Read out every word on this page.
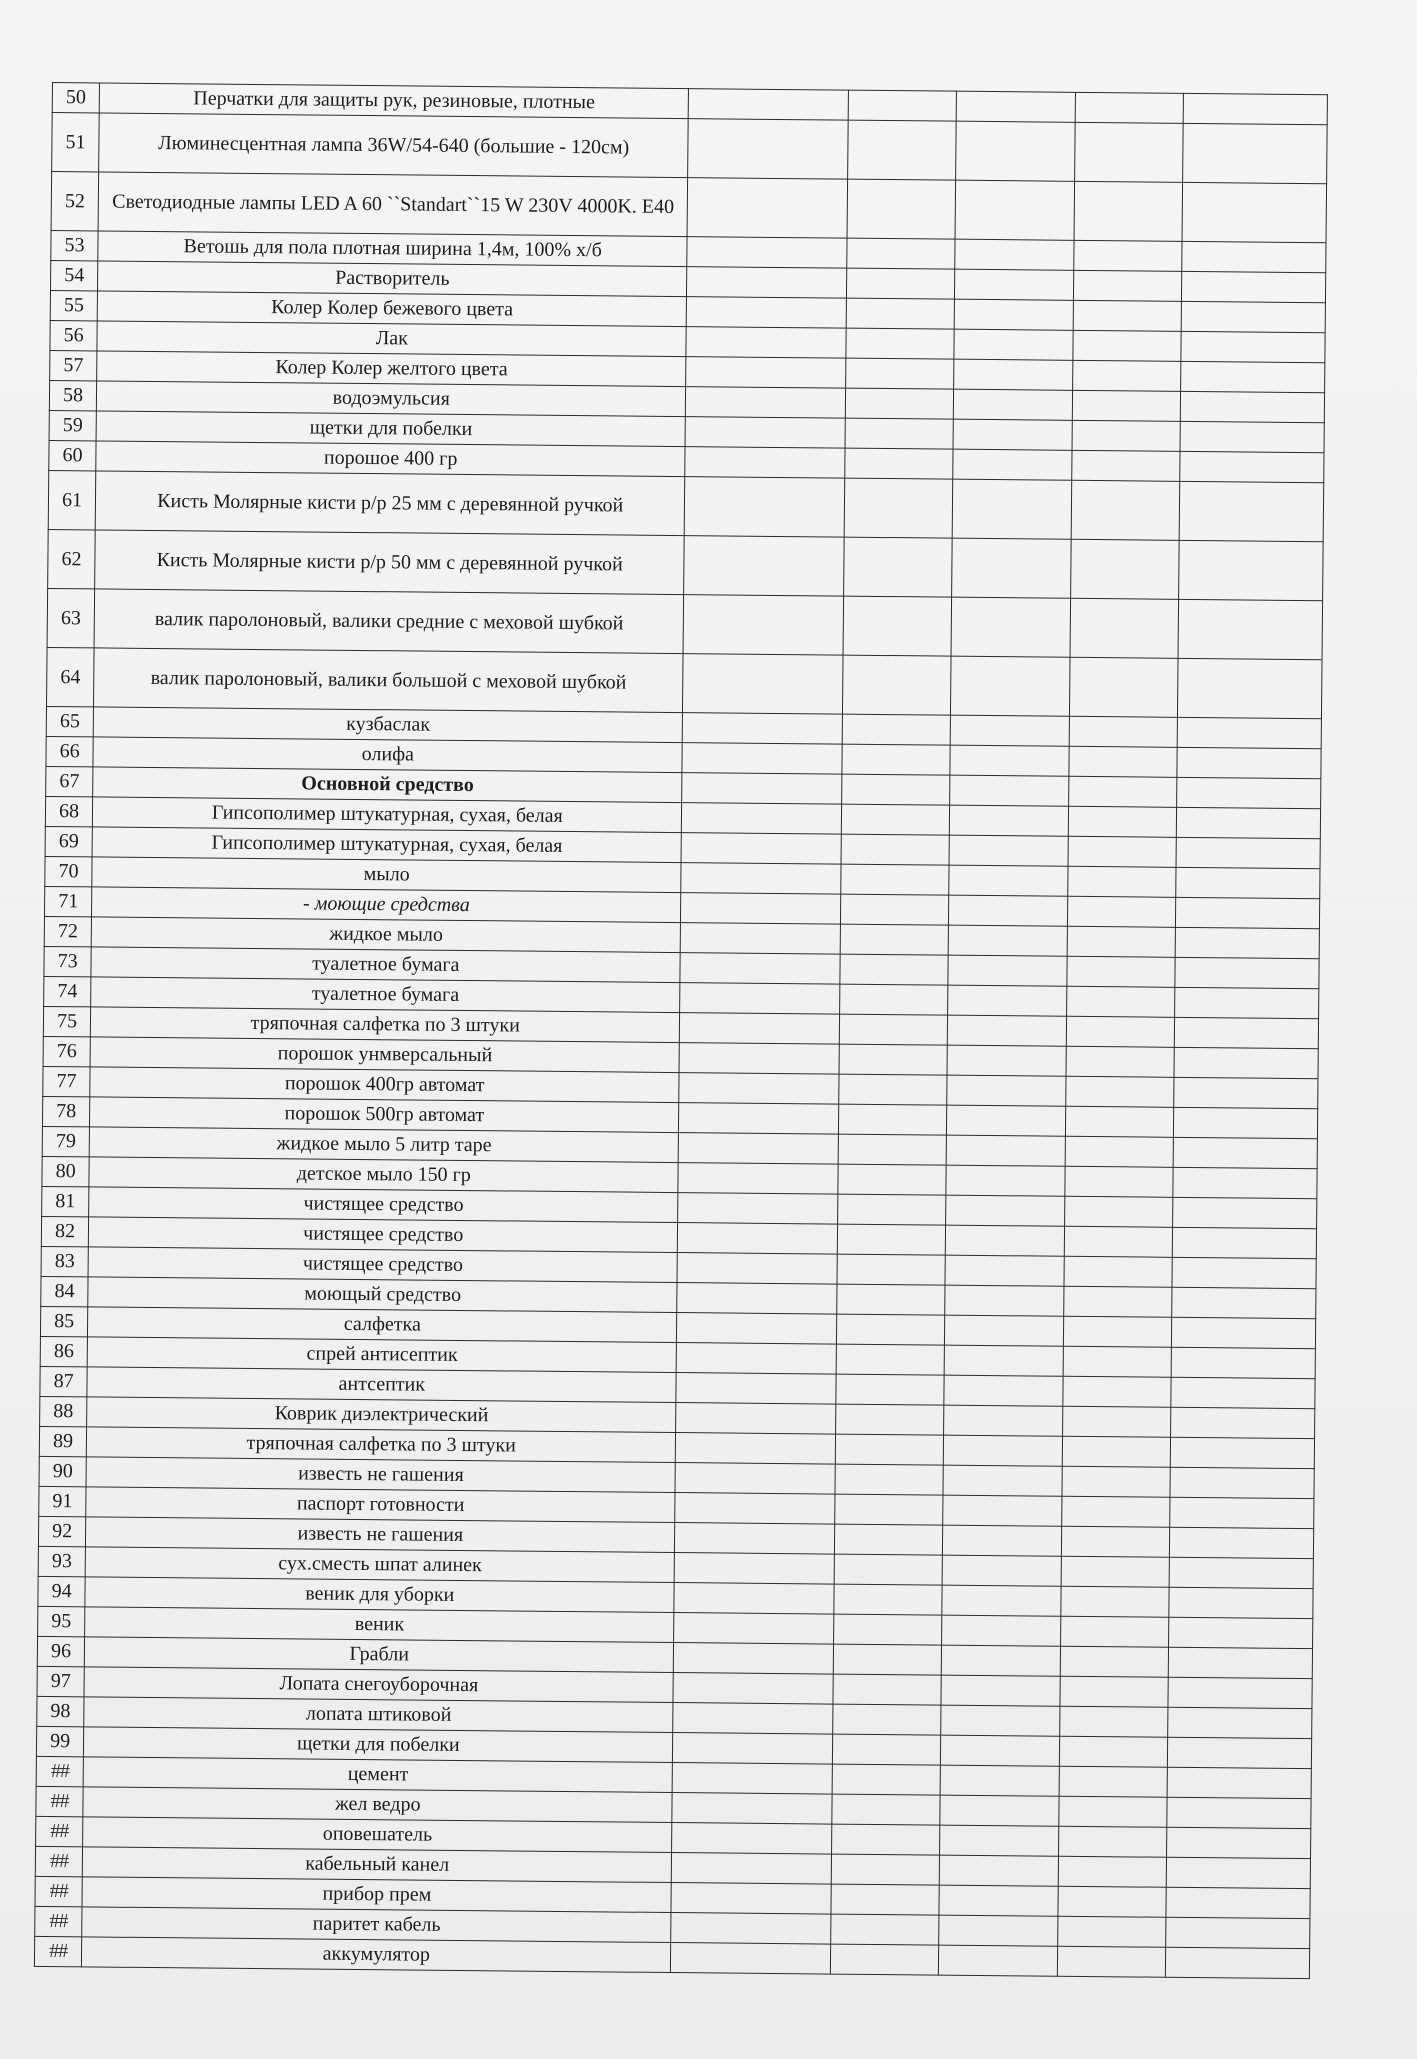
50	Перчатки для защиты рук, резиновые, плотные					
51	Люминесцентная лампа 36W/54-640 (большие - 120см)					
52	Светодиодные лампы LED A 60 ``Standart``15 W 230V 4000K. E40					
53	Ветошь для пола плотная ширина 1,4м, 100% х/б					
54	Растворитель					
55	Колер Колер бежевого цвета					
56	Лак					
57	Колер Колер желтого цвета					
58	водоэмульсия					
59	щетки для побелки					
60	порошое 400 гр					
61	Кисть Молярные кисти р/р 25 мм с деревянной ручкой					
62	Кисть Молярные кисти р/р 50 мм с деревянной ручкой					
63	валик паролоновый, валики средние с меховой шубкой					
64	валик паролоновый, валики большой с меховой шубкой					
65	кузбаслак					
66	олифа					
67	Основной средство					
68	Гипсополимер штукатурная, сухая, белая					
69	Гипсополимер штукатурная, сухая, белая					
70	мыло					
71	- моющие средства					
72	жидкое мыло					
73	туалетное бумага					
74	туалетное бумага					
75	тряпочная салфетка по 3 штуки					
76	порошок унмверсальный					
77	порошок 400гр автомат					
78	порошок 500гр автомат					
79	жидкое мыло 5 литр таре					
80	детское мыло 150 гр					
81	чистящее средство					
82	чистящее средство					
83	чистящее средство					
84	моющый средство					
85	салфетка					
86	спрей антисептик					
87	антсептик					
88	Коврик диэлектрический					
89	тряпочная салфетка по 3 штуки					
90	известь не гашения					
91	паспорт готовности					
92	известь не гашения					
93	сух.сместь шпат алинек					
94	веник для уборки					
95	веник					
96	Грабли					
97	Лопата снегоуборочная					
98	лопата штиковой					
99	щетки для побелки					
##	цемент					
##	жел ведро					
##	оповешатель					
##	кабельный канел					
##	прибор прем					
##	паритет кабель					
##	аккумулятор					
